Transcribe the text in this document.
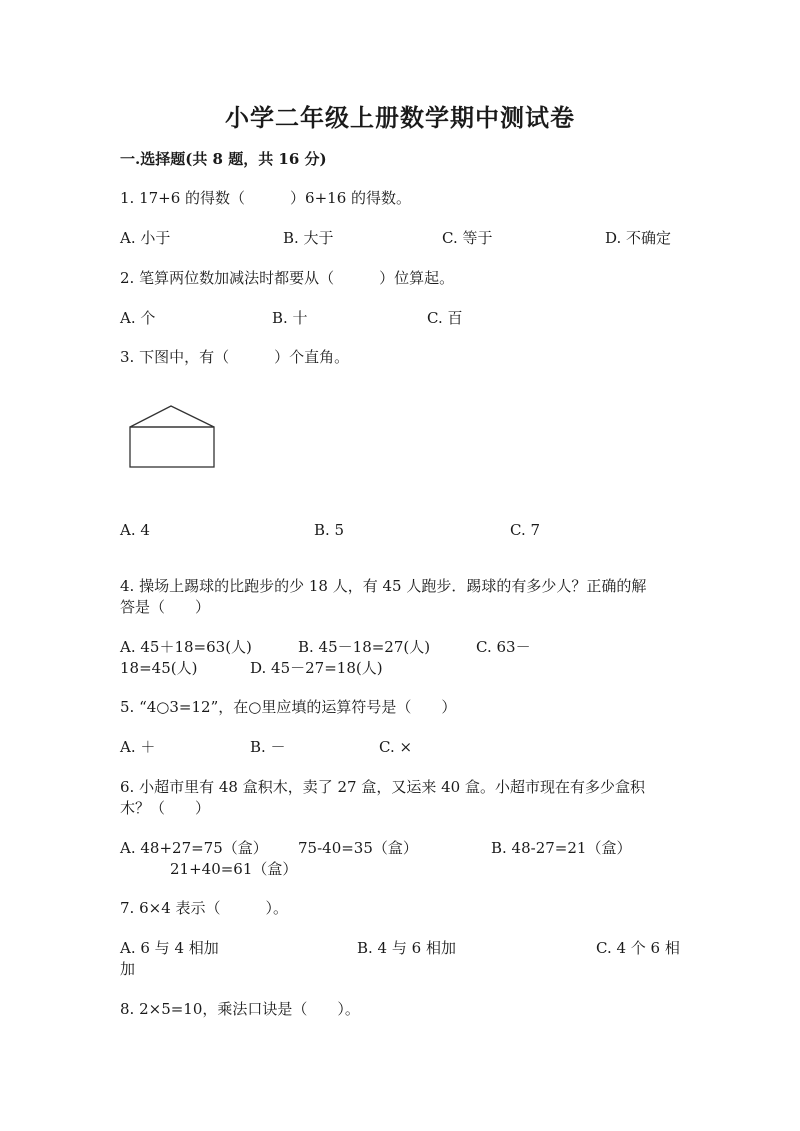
小学二年级上册数学期中测试卷
一.选择题(共 8 题，共 16 分)
1. 17+6 的得数（　　　）6+16 的得数。
A. 小于	B. 大于	C. 等于	D. 不确定
2. 笔算两位数加减法时都要从（　　　）位算起。
A. 个	B. 十	C. 百
3. 下图中，有（　　　）个直角。
A. 4	B. 5	C. 7
4. 操场上踢球的比跑步的少 18 人，有 45 人跑步．踢球的有多少人？正确的解
答是（　　）
A. 45＋18=63(人)	B. 45－18=27(人)	C. 63－
18=45(人)	D. 45－27=18(人)
5. “4○3=12”，在○里应填的运算符号是（　　）
A. ＋	B. －	C. ×
6. 小超市里有 48 盒积木，卖了 27 盒，又运来 40 盒。小超市现在有多少盒积
木？（　　）
A. 48+27=75（盒） 75-40=35（盒）	B. 48-27=21（盒）
21+40=61（盒）
7. 6×4 表示（　　　）。
A. 6 与 4 相加	B. 4 与 6 相加	C. 4 个 6 相
加
8. 2×5=10，乘法口诀是（　　）。
